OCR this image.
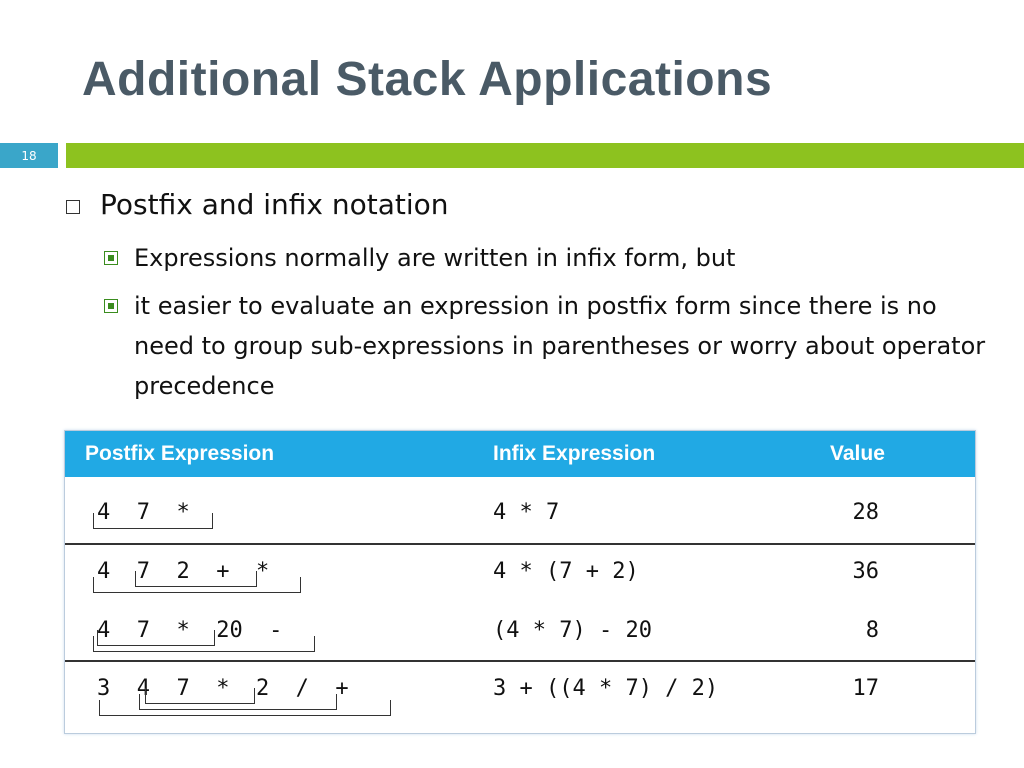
Additional Stack Applications
18
Postfix and infix notation
Expressions normally are written in infix form, but
it easier to evaluate an expression in postfix form since there is no need to group sub-expressions in parentheses or worry about operator precedence
Postfix Expression	Infix Expression	Value
4  7  *	4 * 7	28
4  7  2  +  *	4 * (7 + 2)	36
4  7  *  20  -	(4 * 7) - 20	8
3  4  7  *  2  /  +	3 + ((4 * 7) / 2)	17
